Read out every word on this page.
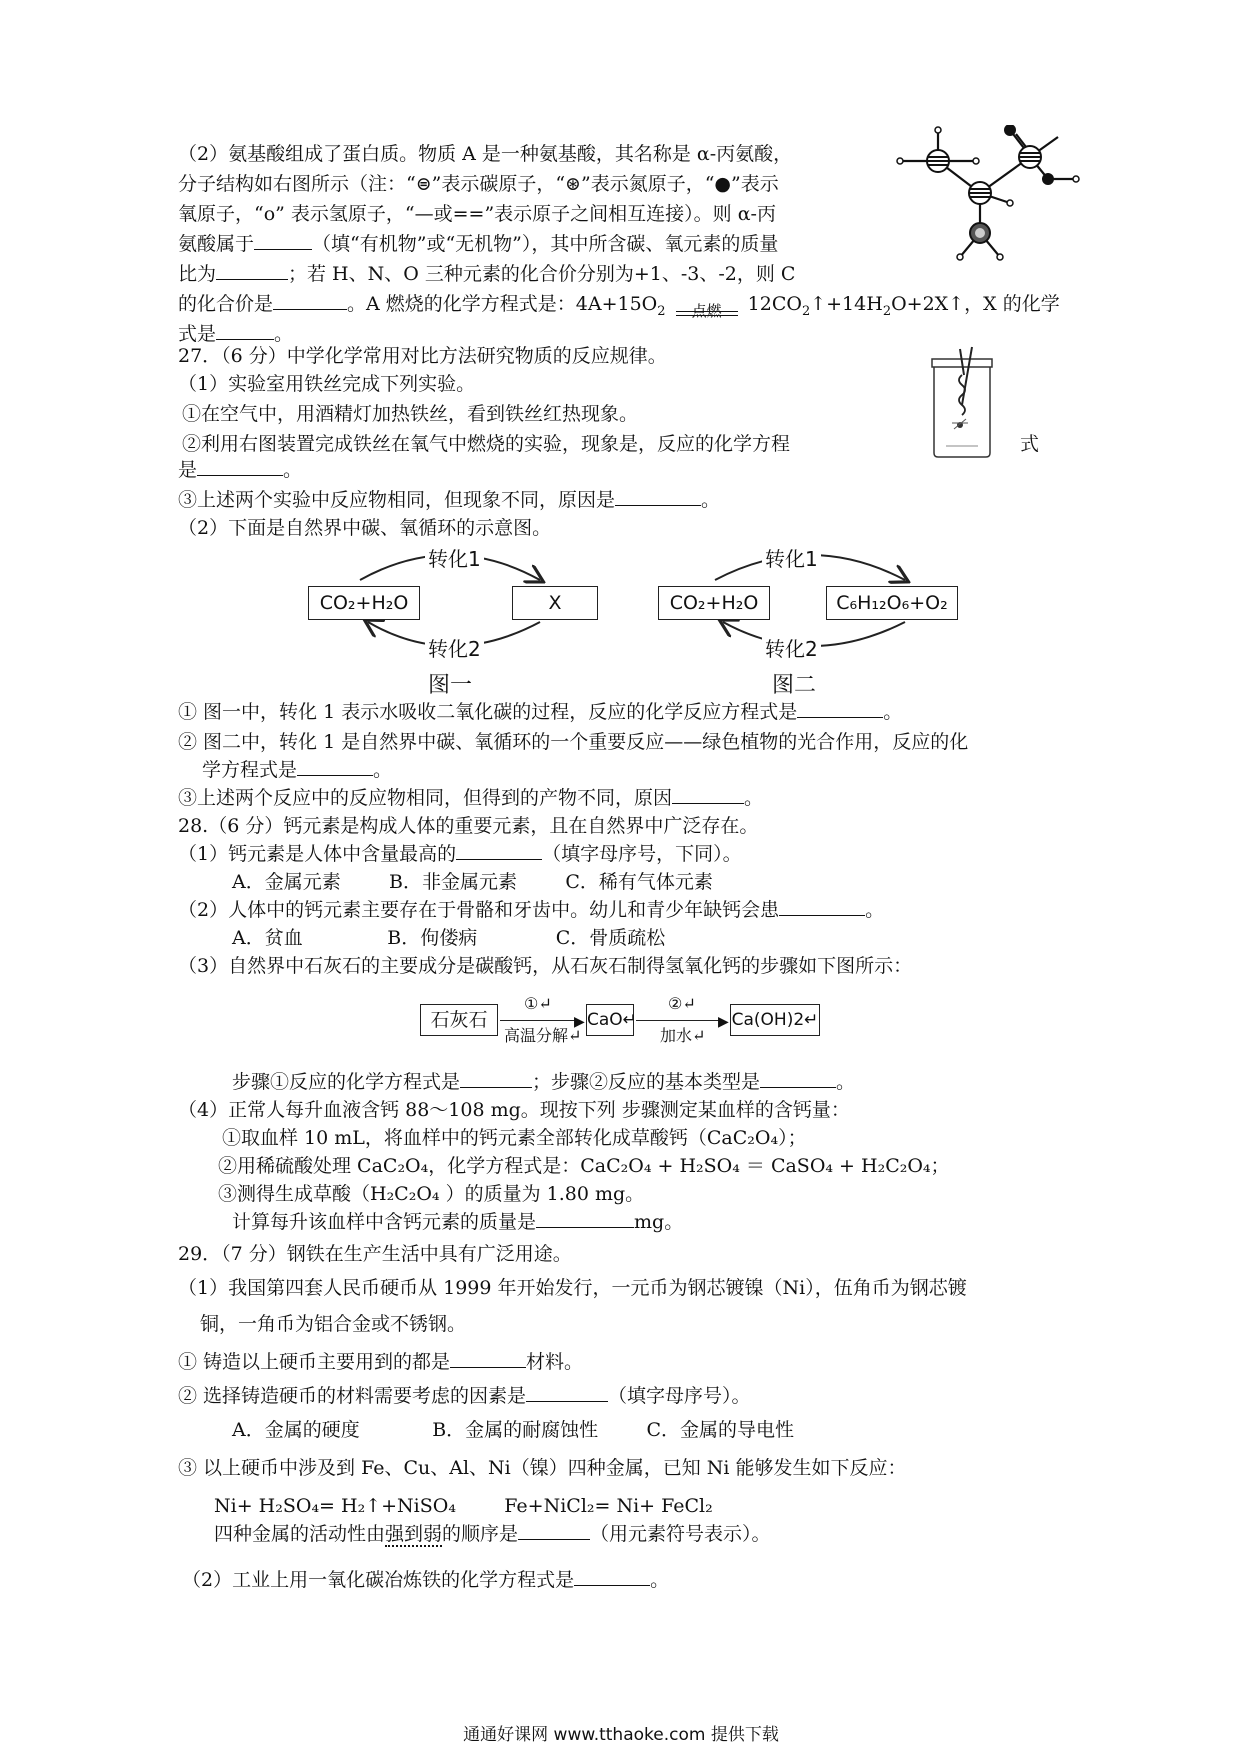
（2）氨基酸组成了蛋白质。物质 A 是一种氨基酸，其名称是 α-丙氨酸，
分子结构如右图所示（注：“⊜”表示碳原子，“⊛”表示氮原子，“●”表示
氧原子，“o” 表示氢原子，“—或==”表示原子之间相互连接）。则 α-丙
氨酸属于	（填“有机物”或“无机物”），其中所含碳、氧元素的质量
比为	；若 H、N、O 三种元素的化合价分别为+1、-3、-2，则 C
的化合价是	。A 燃烧的化学方程式是：$4A+15O_2$ $_{点燃}$ $12CO_2↑+14H_2O+2X↑$，X 的化学
式是	。
27．（6 分）中学化学常用对比方法研究物质的反应规律。
（1）实验室用铁丝完成下列实验。
①在空气中，用酒精灯加热铁丝，看到铁丝红热现象。
②利用右图装置完成铁丝在氧气中燃烧的实验，现象是，反应的化学方程	式
是	。
③上述两个实验中反应物相同，但现象不同，原因是	。
（2）下面是自然界中碳、氧循环的示意图。
转化1
转化2
CO₂+H₂O	X
图一
转化1
转化2
CO₂+H₂O	C₆H₁₂O₆+O₂
图二
① 图一中，转化 1 表示水吸收二氧化碳的过程，反应的化学反应方程式是	。
② 图二中，转化 1 是自然界中碳、氧循环的一个重要反应——绿色植物的光合作用，反应的化
学方程式是	。
③上述两个反应中的反应物相同，但得到的产物不同，原因	。
28.（6 分）钙元素是构成人体的重要元素，且在自然界中广泛存在。
（1）钙元素是人体中含量最高的	（填字母序号，下同）。
A．金属元素        B．非金属元素        C．稀有气体元素
（2）人体中的钙元素主要存在于骨骼和牙齿中。幼儿和青少年缺钙会患	。
A．贫血              B．佝偻病             C．骨质疏松
（3）自然界中石灰石的主要成分是碳酸钙，从石灰石制得氢氧化钙的步骤如下图所示：
石灰石	▶
①↵
高温分解↵
CaO↵	▶
②↵
加水↵
Ca(OH)2↵
步骤①反应的化学方程式是	；步骤②反应的基本类型是	。
（4）正常人每升血液含钙 88～108 mg。现按下列 步骤测定某血样的含钙量：
①取血样 10 mL，将血样中的钙元素全部转化成草酸钙（CaC₂O₄）；
②用稀硫酸处理 CaC₂O₄，化学方程式是：CaC₂O₄ + H₂SO₄ ＝ CaSO₄ + H₂C₂O₄；
③测得生成草酸（H₂C₂O₄ ）的质量为 1.80 mg。
计算每升该血样中含钙元素的质量是	mg。
29．（7 分）钢铁在生产生活中具有广泛用途。
（1）我国第四套人民币硬币从 1999 年开始发行，一元币为钢芯镀镍（Ni），伍角币为钢芯镀
铜，一角币为铝合金或不锈钢。
① 铸造以上硬币主要用到的都是	材料。
② 选择铸造硬币的材料需要考虑的因素是	（填字母序号）。
A．金属的硬度            B．金属的耐腐蚀性        C．金属的导电性
③ 以上硬币中涉及到 Fe、Cu、Al、Ni（镍）四种金属，已知 Ni 能够发生如下反应：
Ni+ H₂SO₄= H₂↑+NiSO₄        Fe+NiCl₂= Ni+ FeCl₂
四种金属的活动性由强到弱的顺序是	（用元素符号表示）。
（2）工业上用一氧化碳冶炼铁的化学方程式是	。
通通好课网 www.tthaoke.com 提供下载
